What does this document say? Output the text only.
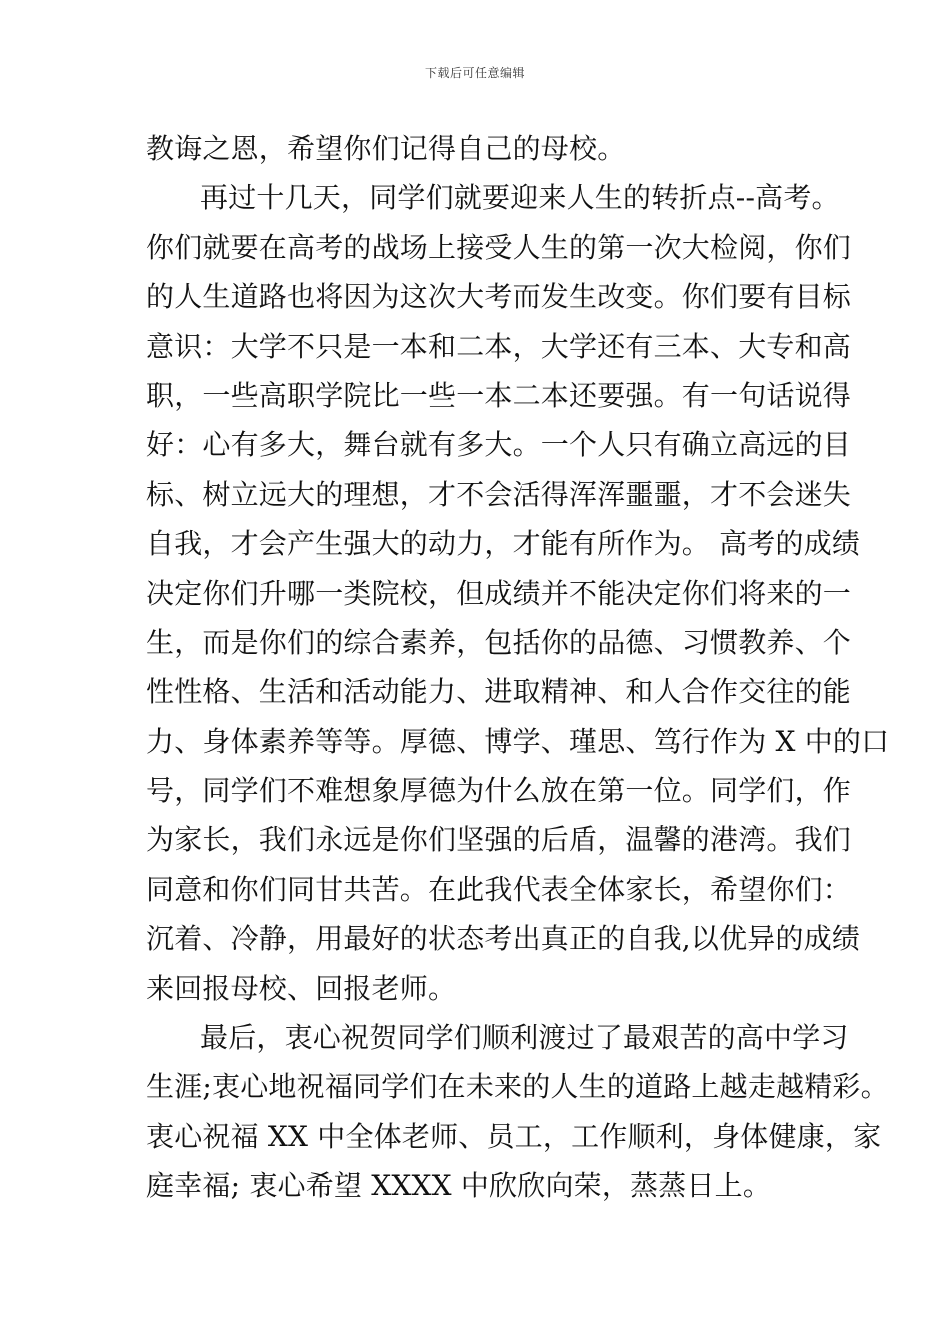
下载后可任意编辑
教诲之恩，希望你们记得自己的母校。
再过十几天，同学们就要迎来人生的转折点--高考。
你们就要在高考的战场上接受人生的第一次大检阅，你们
的人生道路也将因为这次大考而发生改变。你们要有目标
意识：大学不只是一本和二本，大学还有三本、大专和高
职，一些高职学院比一些一本二本还要强。有一句话说得
好：心有多大，舞台就有多大。一个人只有确立高远的目
标、树立远大的理想，才不会活得浑浑噩噩，才不会迷失
自我，才会产生强大的动力，才能有所作为。 高考的成绩
决定你们升哪一类院校，但成绩并不能决定你们将来的一
生，而是你们的综合素养，包括你的品德、习惯教养、个
性性格、生活和活动能力、进取精神、和人合作交往的能
力、身体素养等等。厚德、博学、瑾思、笃行作为 X 中的口
号，同学们不难想象厚德为什么放在第一位。同学们，作
为家长，我们永远是你们坚强的后盾，温馨的港湾。我们
同意和你们同甘共苦。在此我代表全体家长，希望你们：
沉着、冷静，用最好的状态考出真正的自我,以优异的成绩
来回报母校、回报老师。
最后，衷心祝贺同学们顺利渡过了最艰苦的高中学习
生涯;衷心地祝福同学们在未来的人生的道路上越走越精彩。
衷心祝福 XX 中全体老师、员工，工作顺利，身体健康，家
庭幸福; 衷心希望 XXXX 中欣欣向荣，蒸蒸日上。
